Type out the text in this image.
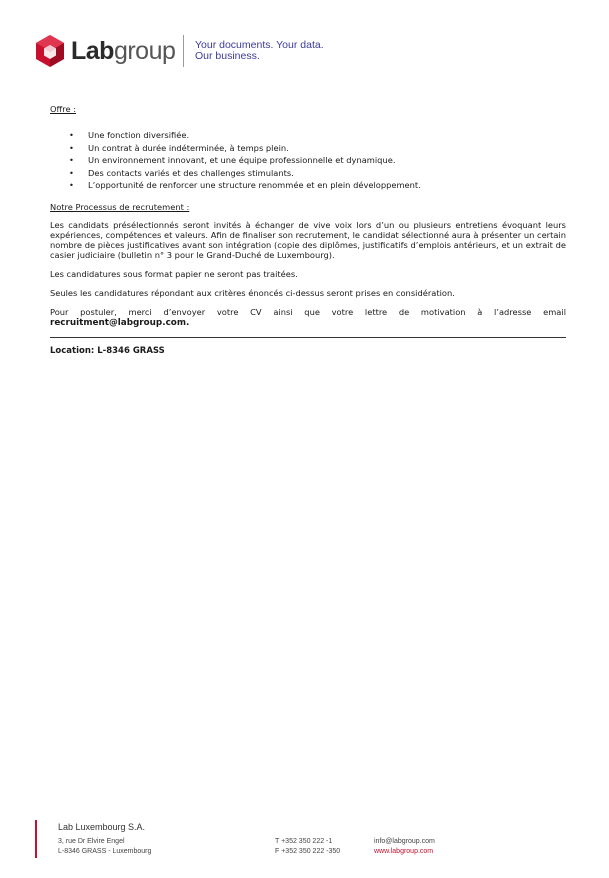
Labgroup Your documents. Your data.
Our business.
Offre :
• Une fonction diversifiée.
• Un contrat à durée indéterminée, à temps plein.
• Un environnement innovant, et une équipe professionnelle et dynamique.
• Des contacts variés et des challenges stimulants.
• L’opportunité de renforcer une structure renommée et en plein développement.
Notre Processus de recrutement :

Les candidats présélectionnés seront invités à échanger de vive voix lors d’un ou plusieurs entretiens évoquant leurs expériences, compétences et valeurs. Afin de finaliser son recrutement, le candidat sélectionné aura à présenter un certain nombre de pièces justificatives avant son intégration (copie des diplômes, justificatifs d’emplois antérieurs, et un extrait de casier judiciaire (bulletin n° 3 pour le Grand-Duché de Luxembourg).

Les candidatures sous format papier ne seront pas traitées.

Seules les candidatures répondant aux critères énoncés ci-dessus seront prises en considération.

Pour postuler, merci d’envoyer votre CV ainsi que votre lettre de motivation à l’adresse email recruitment@labgroup.com.

Location: L-8346 GRASS
Lab Luxembourg S.A.
3, rue Dr Elvire Engel
L-8346 GRASS - Luxembourg
T +352 350 222 -1
F +352 350 222 -350
info@labgroup.com
www.labgroup.com
